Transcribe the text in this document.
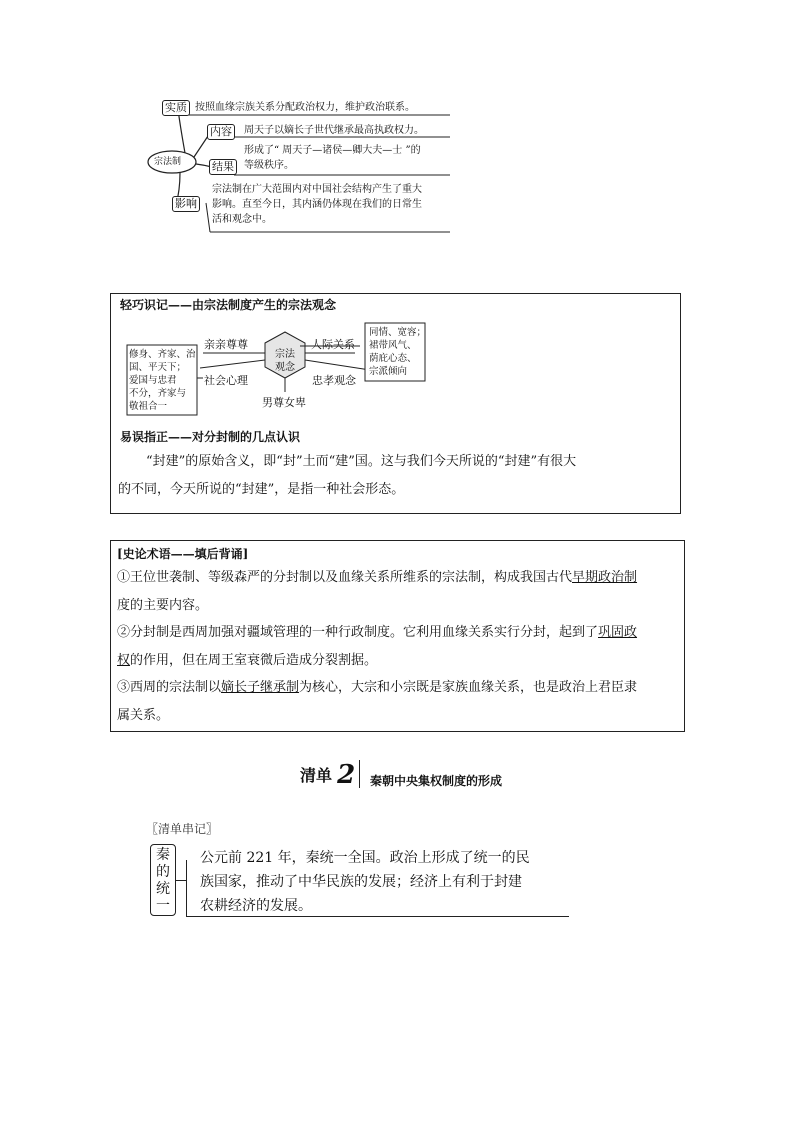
宗法制
实质 按照血缘宗族关系分配政治权力，维护政治联系。
内容	周天子以嫡长子世代继承最高执政权力。
结果
形成了“ 周天子—诸侯—卿大夫—士 ”的
等级秩序。
影响
宗法制在广大范围内对中国社会结构产生了重大
影响。直至今日，其内涵仍体现在我们的日常生
活和观念中。
轻巧识记——由宗法制度产生的宗法观念
宗法
观念
亲亲尊尊	人际关系
社会心理	忠孝观念
男尊女卑
修身、齐家、治
国、平天下；
爱国与忠君
不分，齐家与
敬祖合一
同情、宽容；
裙带风气、
荫庇心态、
宗派倾向
易误指正——对分封制的几点认识
“封建”的原始含义，即“封”土而“建”国。这与我们今天所说的“封建”有很大
的不同，今天所说的“封建”，是指一种社会形态。
[史论术语——填后背诵]
①王位世袭制、等级森严的分封制以及血缘关系所维系的宗法制，构成我国古代早期政治制
度的主要内容。
②分封制是西周加强对疆域管理的一种行政制度。它利用血缘关系实行分封，起到了巩固政
权的作用，但在周王室衰微后造成分裂割据。
③西周的宗法制以嫡长子继承制为核心，大宗和小宗既是家族血缘关系，也是政治上君臣隶
属关系。
清单 2 秦朝中央集权制度的形成
〖清单串记〗
秦
的
统
一
公元前 221 年，秦统一全国。政治上形成了统一的民
族国家，推动了中华民族的发展；经济上有利于封建
农耕经济的发展。
